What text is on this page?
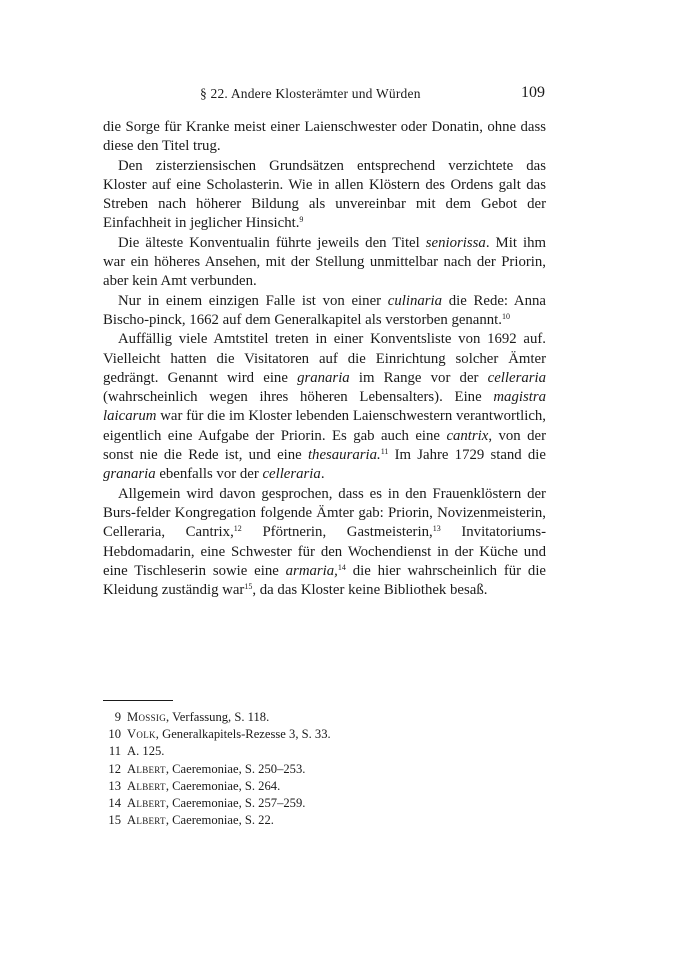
§ 22. Andere Klosterämter und Würden	109

die Sorge für Kranke meist einer Laienschwester oder Donatin, ohne dass diese den Titel trug.

Den zisterziensischen Grundsätzen entsprechend verzichtete das Kloster auf eine Scholasterin. Wie in allen Klöstern des Ordens galt das Streben nach höherer Bildung als unvereinbar mit dem Gebot der Einfachheit in jeglicher Hinsicht.$^9$

Die älteste Konventualin führte jeweils den Titel seniorissa. Mit ihm war ein höheres Ansehen, mit der Stellung unmittelbar nach der Priorin, aber kein Amt verbunden.

Nur in einem einzigen Falle ist von einer culinaria die Rede: Anna Bischo-pinck, 1662 auf dem Generalkapitel als verstorben genannt.$^{10}$

Auffällig viele Amtstitel treten in einer Konventsliste von 1692 auf. Vielleicht hatten die Visitatoren auf die Einrichtung solcher Ämter gedrängt. Genannt wird eine granaria im Range vor der celleraria (wahrscheinlich wegen ihres höheren Lebensalters). Eine magistra laicarum war für die im Kloster lebenden Laienschwestern verantwortlich, eigentlich eine Aufgabe der Priorin. Es gab auch eine cantrix, von der sonst nie die Rede ist, und eine thesauraria.$^{11}$ Im Jahre 1729 stand die granaria ebenfalls vor der celleraria.

Allgemein wird davon gesprochen, dass es in den Frauenklöstern der Burs-felder Kongregation folgende Ämter gab: Priorin, Novizenmeisterin, Celleraria, Cantrix,$^{12}$ Pförtnerin, Gastmeisterin,$^{13}$ Invitatoriums-Hebdomadarin, eine Schwester für den Wochendienst in der Küche und eine Tischleserin sowie eine armaria,$^{14}$ die hier wahrscheinlich für die Kleidung zuständig war$^{15}$, da das Kloster keine Bibliothek besaß.

9 Mossig, Verfassung, S. 118.
10 Volk, Generalkapitels-Rezesse 3, S. 33.
11 A. 125.
12 Albert, Caeremoniae, S. 250–253.
13 Albert, Caeremoniae, S. 264.
14 Albert, Caeremoniae, S. 257–259.
15 Albert, Caeremoniae, S. 22.
